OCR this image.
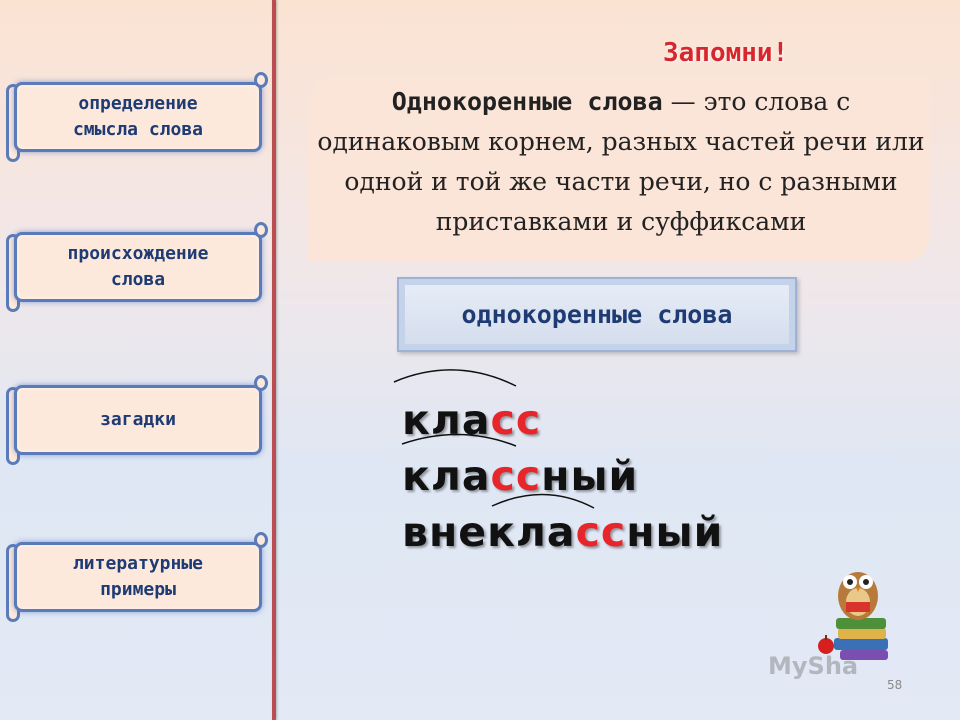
определение
смысла слова
происхождение
слова
загадки
литературные
примеры
Запомни!
Однокоренные слова — это слова с одинаковым корнем, разных частей речи или одной и той же части речи, но с разными приставками и суффиксами
однокоренные слова
класс
классный
внеклассный
MySha
58
